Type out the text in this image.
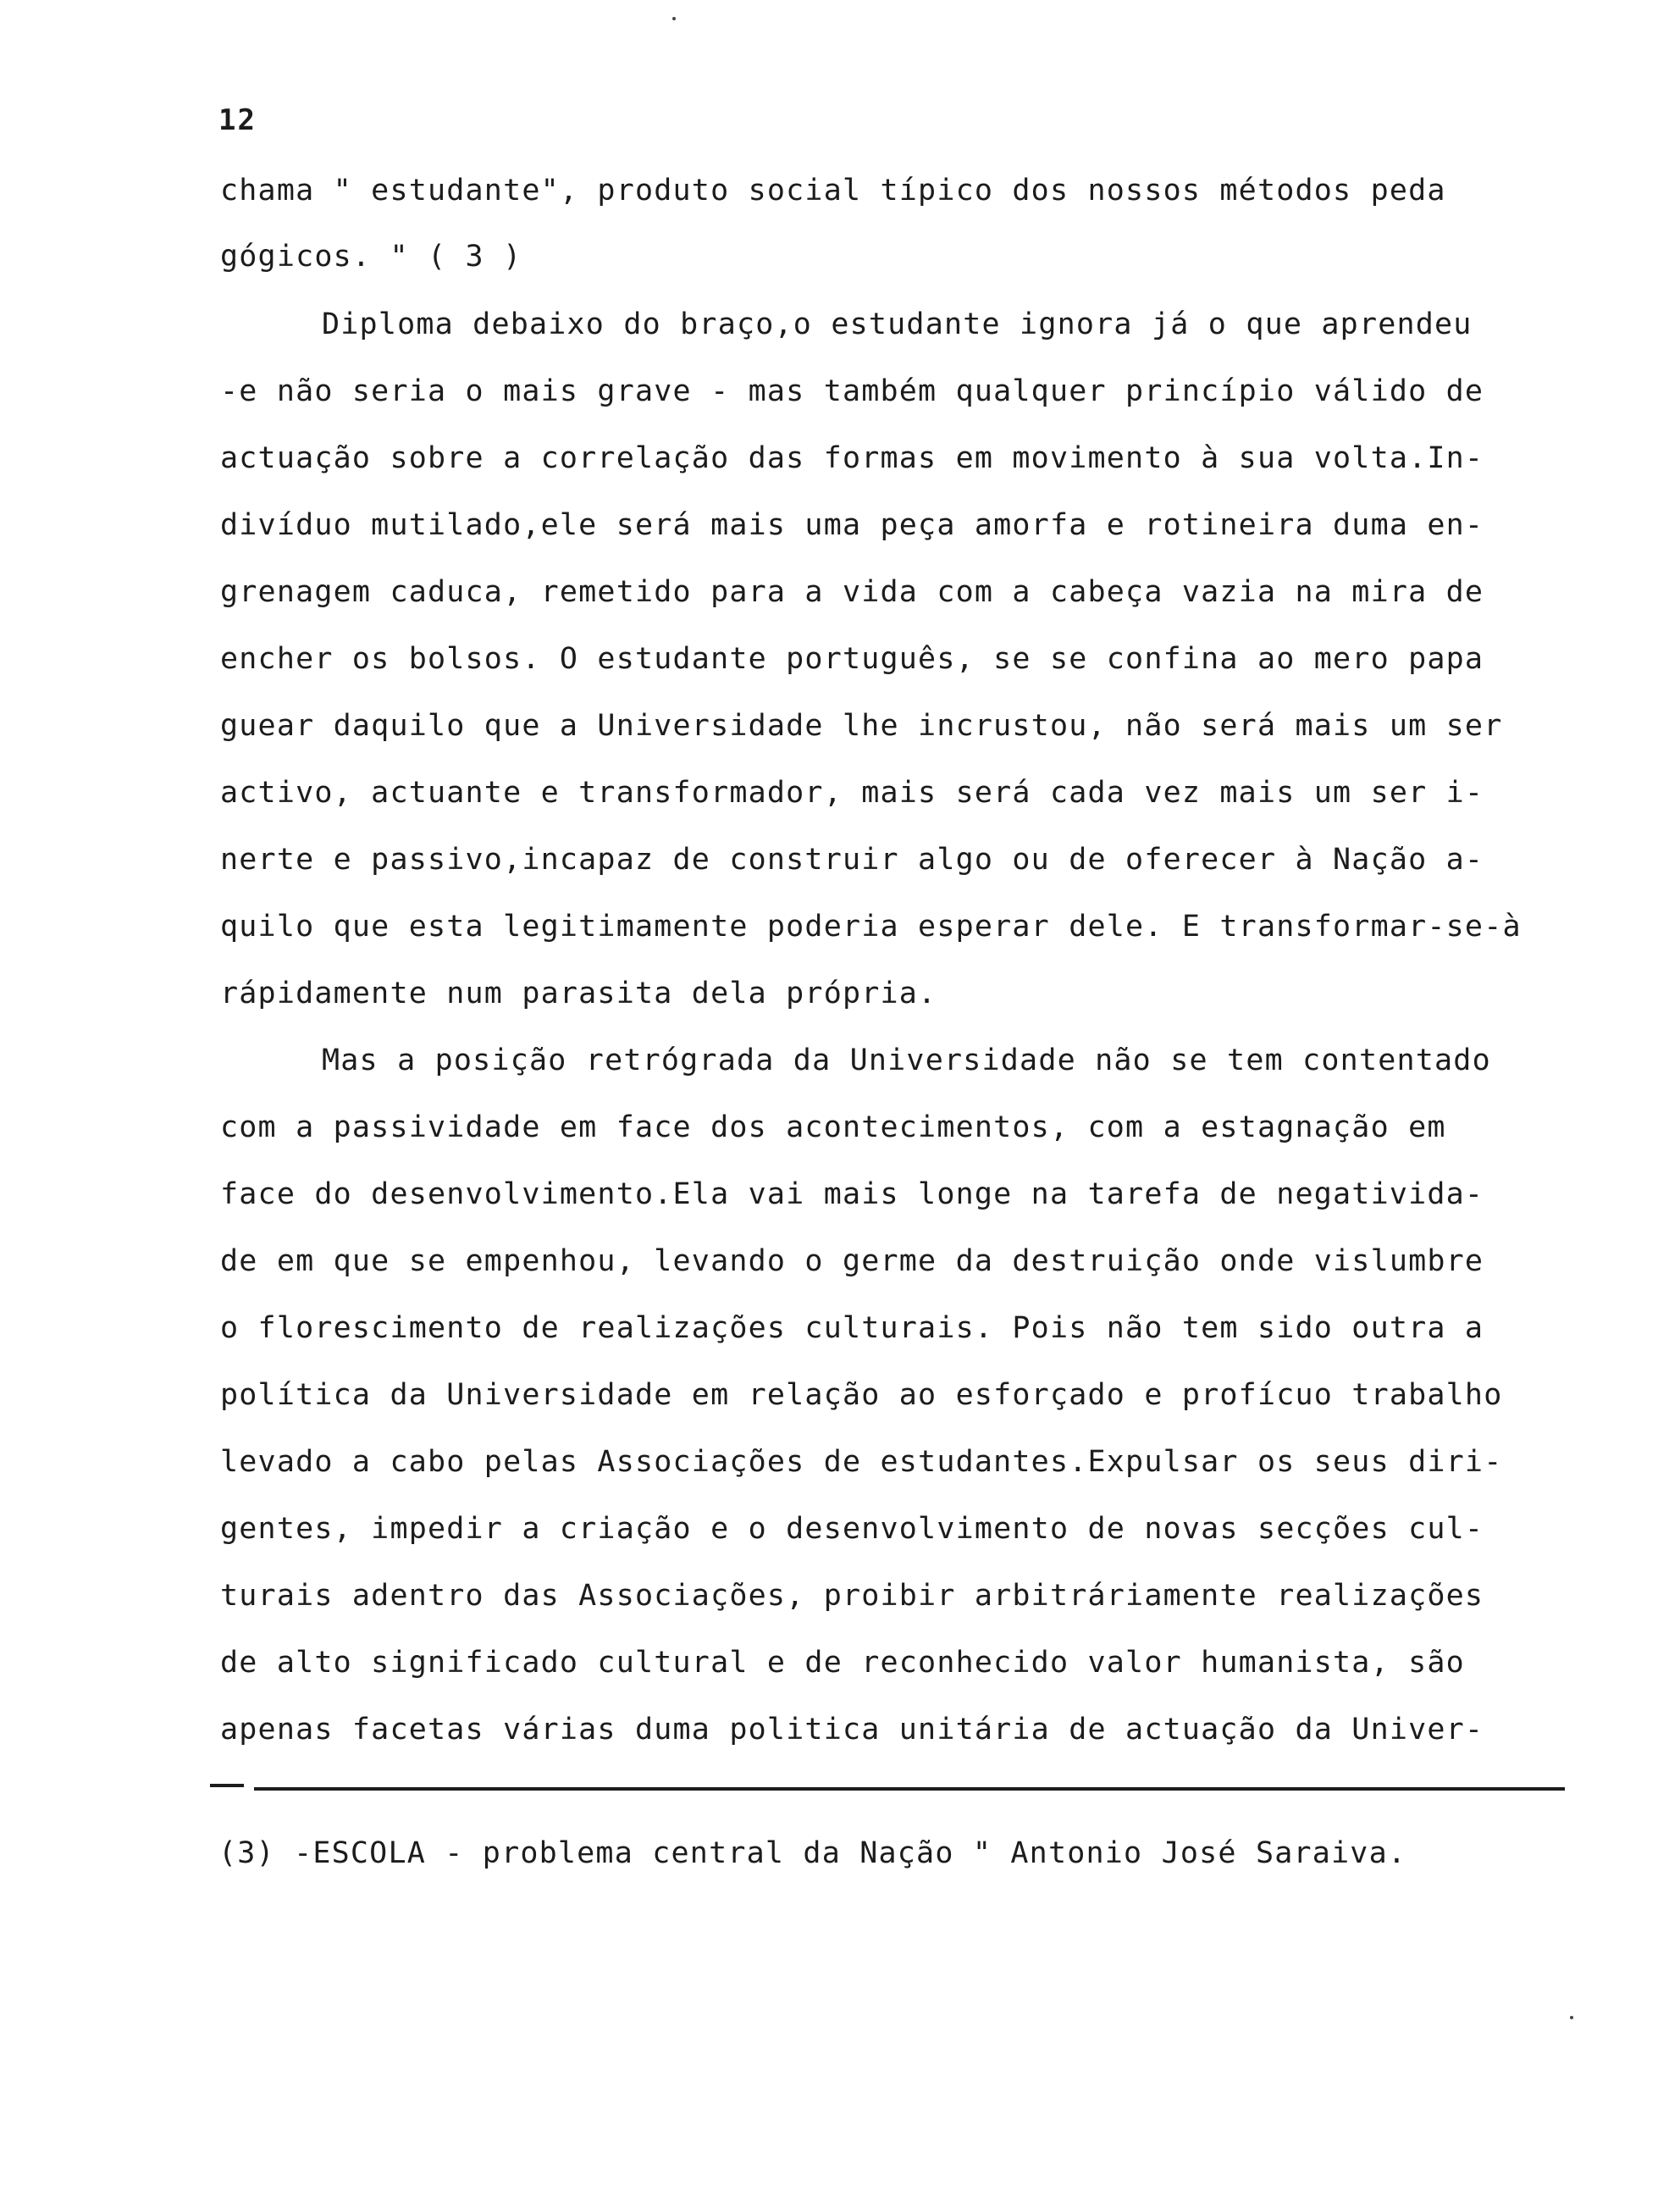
12
chama " estudante", produto social típico dos nossos métodos peda
gógicos. " ( 3 )
Diploma debaixo do braço,o estudante ignora já o que aprendeu
-e não seria o mais grave - mas também qualquer princípio válido de
actuação sobre a correlação das formas em movimento à sua volta.In-
divíduo mutilado,ele será mais uma peça amorfa e rotineira duma en-
grenagem caduca, remetido para a vida com a cabeça vazia na mira de
encher os bolsos. O estudante português, se se confina ao mero papa
guear daquilo que a Universidade lhe incrustou, não será mais um ser
activo, actuante e transformador, mais será cada vez mais um ser i-
nerte e passivo,incapaz de construir algo ou de oferecer à Nação a-
quilo que esta legitimamente poderia esperar dele. E transformar-se-à
rápidamente num parasita dela própria.
Mas a posição retrógrada da Universidade não se tem contentado
com a passividade em face dos acontecimentos, com a estagnação em
face do desenvolvimento.Ela vai mais longe na tarefa de negativida-
de em que se empenhou, levando o germe da destruição onde vislumbre
o florescimento de realizações culturais. Pois não tem sido outra a
política da Universidade em relação ao esforçado e profícuo trabalho
levado a cabo pelas Associações de estudantes.Expulsar os seus diri-
gentes, impedir a criação e o desenvolvimento de novas secções cul-
turais adentro das Associações, proibir arbitráriamente realizações
de alto significado cultural e de reconhecido valor humanista, são
apenas facetas várias duma politica unitária de actuação da Univer-
(3) -ESCOLA - problema central da Nação " Antonio José Saraiva.
